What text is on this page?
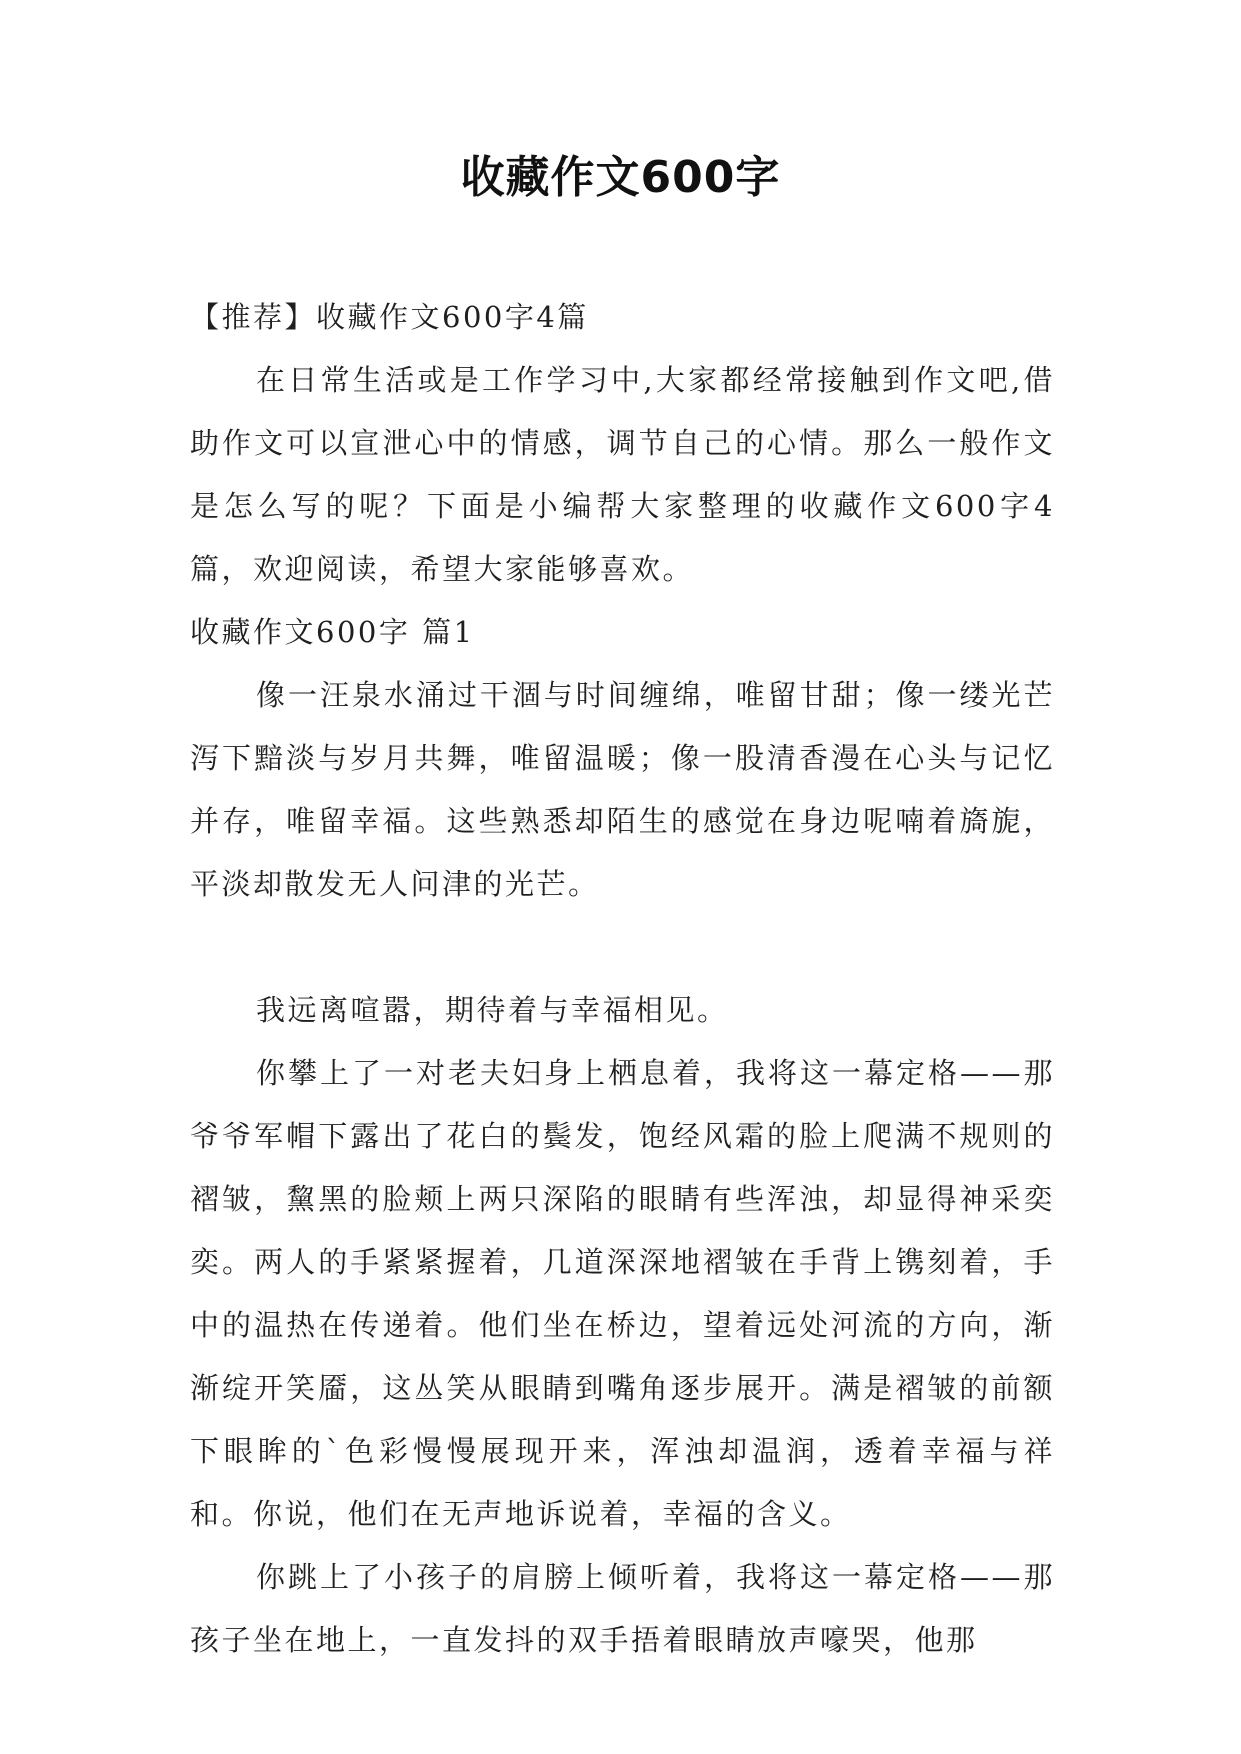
收藏作文600字

【推荐】收藏作文600字4篇

在日常生活或是工作学习中,大家都经常接触到作文吧,借助作文可以宣泄心中的情感，调节自己的心情。那么一般作文是怎么写的呢？下面是小编帮大家整理的收藏作文600字4篇，欢迎阅读，希望大家能够喜欢。

收藏作文600字 篇1

像一汪泉水涌过干涸与时间缠绵，唯留甘甜；像一缕光芒泻下黯淡与岁月共舞，唯留温暖；像一股清香漫在心头与记忆并存，唯留幸福。这些熟悉却陌生的感觉在身边呢喃着旖旎，平淡却散发无人问津的光芒。

我远离喧嚣，期待着与幸福相见。

你攀上了一对老夫妇身上栖息着，我将这一幕定格——那爷爷军帽下露出了花白的鬓发，饱经风霜的脸上爬满不规则的褶皱，黧黑的脸颊上两只深陷的眼睛有些浑浊，却显得神采奕奕。两人的手紧紧握着，几道深深地褶皱在手背上镌刻着，手中的温热在传递着。他们坐在桥边，望着远处河流的方向，渐渐绽开笑靥，这丛笑从眼睛到嘴角逐步展开。满是褶皱的前额下眼眸的`色彩慢慢展现开来，浑浊却温润，透着幸福与祥和。你说，他们在无声地诉说着，幸福的含义。

你跳上了小孩子的肩膀上倾听着，我将这一幕定格——那孩子坐在地上，一直发抖的双手捂着眼睛放声嚎哭，他那
